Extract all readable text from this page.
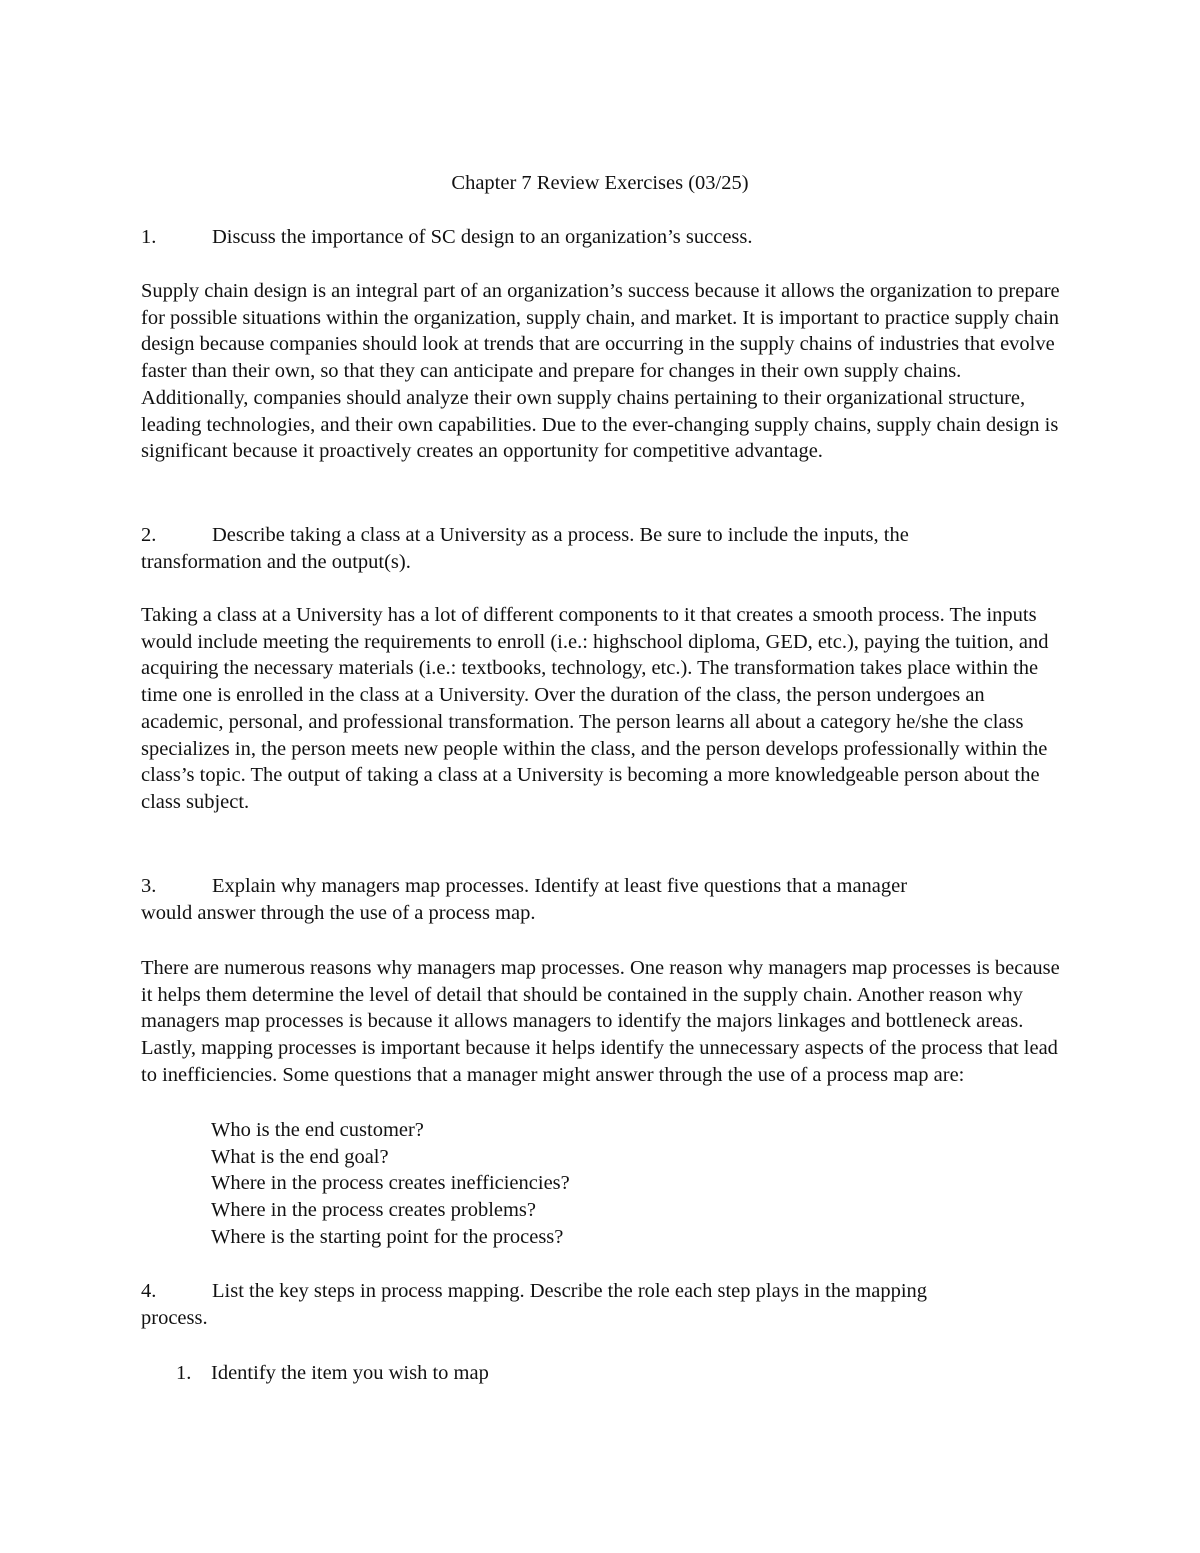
Chapter 7 Review Exercises (03/25)
1.	Discuss the importance of SC design to an organization’s success.

Supply chain design is an integral part of an organization’s success because it allows the organization to prepare for possible situations within the organization, supply chain, and market. It is important to practice supply chain design because companies should look at trends that are occurring in the supply chains of industries that evolve faster than their own, so that they can anticipate and prepare for changes in their own supply chains. Additionally, companies should analyze their own supply chains pertaining to their organizational structure, leading technologies, and their own capabilities. Due to the ever-changing supply chains, supply chain design is significant because it proactively creates an opportunity for competitive advantage.

2.	Describe taking a class at a University as a process. Be sure to include the inputs, the
transformation and the output(s).

Taking a class at a University has a lot of different components to it that creates a smooth process. The inputs would include meeting the requirements to enroll (i.e.: highschool diploma, GED, etc.), paying the tuition, and acquiring the necessary materials (i.e.: textbooks, technology, etc.). The transformation takes place within the time one is enrolled in the class at a University. Over the duration of the class, the person undergoes an academic, personal, and professional transformation. The person learns all about a category he/she the class specializes in, the person meets new people within the class, and the person develops professionally within the class’s topic. The output of taking a class at a University is becoming a more knowledgeable person about the class subject.

3.	Explain why managers map processes. Identify at least five questions that a manager
would answer through the use of a process map.

There are numerous reasons why managers map processes. One reason why managers map processes is because it helps them determine the level of detail that should be contained in the supply chain. Another reason why managers map processes is because it allows managers to identify the majors linkages and bottleneck areas. Lastly, mapping processes is important because it helps identify the unnecessary aspects of the process that lead to inefficiencies. Some questions that a manager might answer through the use of a process map are:

Who is the end customer?
What is the end goal?
Where in the process creates inefficiencies?
Where in the process creates problems?
Where is the starting point for the process?
4.	List the key steps in process mapping. Describe the role each step plays in the mapping
process.
1. Identify the item you wish to map
